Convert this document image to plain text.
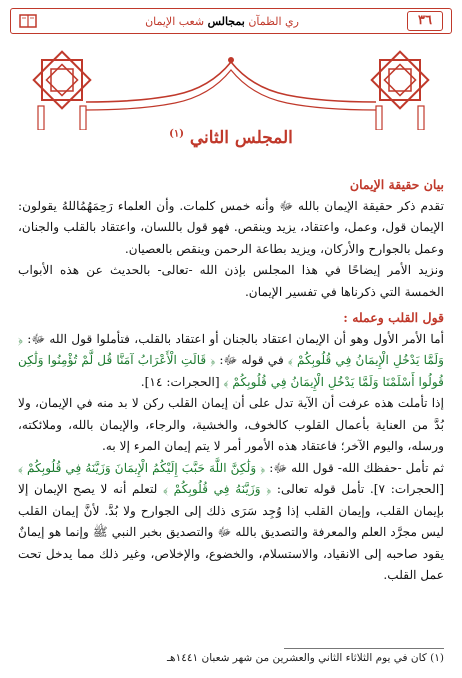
٣٦
ري الظمآن بمجالس شعب الإيمان
المجلس الثاني $^{(١)}$

بيان حقيقة الإيمان

تقدم ذكر حقيقة الإيمان بالله ﷻ وأنه خمس كلمات. وأن العلماء رَحِمَهُمُاللهُ يقولون: الإيمان قول، وعمل، واعتقاد، يزيد وينقص. فهو قول باللسان، واعتقاد بالقلب والجنان، وعمل بالجوارح والأركان، ويزيد بطاعة الرحمن وينقص بالعصيان.

ونزيد الأمر إيضاحًا في هذا المجلس بإذن الله -تعالى- بالحديث عن هذه الأبواب الخمسة التي ذكرناها في تفسير الإيمان.

قول القلب وعمله :

أما الأمر الأول وهو أن الإيمان اعتقاد بالجنان أو اعتقاد بالقلب، فتأملوا قول الله ﷻ: ﴿ وَلَمَّا يَدْخُلِ الْإِيمَانُ فِي قُلُوبِكُمْ ﴾ في قوله ﷻ: ﴿ قَالَتِ الْأَعْرَابُ آمَنَّا قُل لَّمْ تُؤْمِنُوا وَلَٰكِن قُولُوا أَسْلَمْنَا وَلَمَّا يَدْخُلِ الْإِيمَانُ فِي قُلُوبِكُمْ ﴾ [الحجرات: ١٤].

إذا تأملت هذه عرفت أن الآية تدل على أن إيمان القلب ركن لا بد منه في الإيمان، ولا بُدَّ من العناية بأعمال القلوب كالخوف، والخشية، والرجاء، والإيمان بالله، وملائكته، ورسله، واليوم الآخر؛ فاعتقاد هذه الأمور أمر لا يتم إيمان المرء إلا به.

ثم تأمل -حفظك الله- قول الله ﷻ: ﴿ وَلَٰكِنَّ اللَّهَ حَبَّبَ إِلَيْكُمُ الْإِيمَانَ وَزَيَّنَهُ فِي قُلُوبِكُمْ ﴾ [الحجرات: ٧]. تأمل قوله تعالى: ﴿ وَزَيَّنَهُ فِي قُلُوبِكُمْ ﴾ لتعلم أنه لا يصح الإيمان إلا بإيمان القلب، وإيمان القلب إذا وُجِد سَرَى ذلك إلى الجوارح ولا بُدَّ. لأنَّ إيمان القلب ليس مجرَّد العلم والمعرفة والتصديق بالله ﷻ والتصديق بخبر النبي ﷺ وإنما هو إيمانٌ يقود صاحبه إلى الانقياد، والاستسلام، والخضوع، والإخلاص، وغير ذلك مما يدخل تحت عمل القلب.

(١) كان في يوم الثلاثاء الثاني والعشرين من شهر شعبان ١٤٤١هـ
